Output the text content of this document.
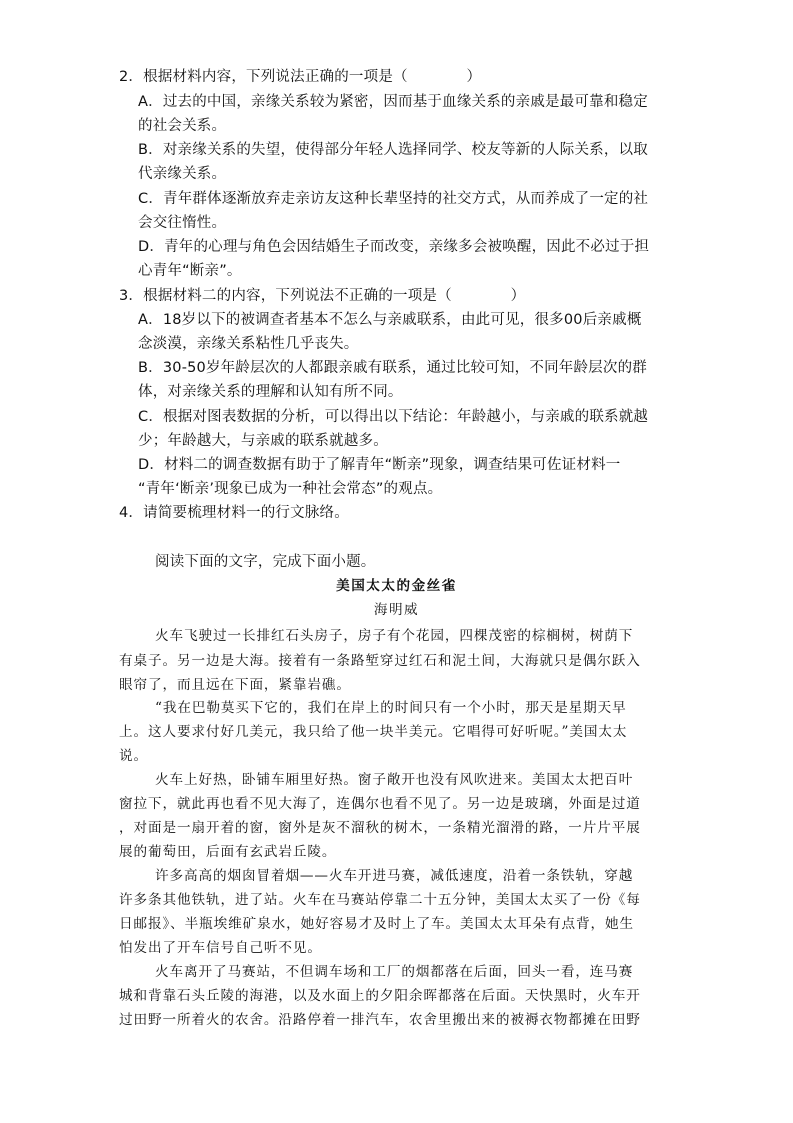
2．根据材料内容，下列说法正确的一项是（　　　　）
A．过去的中国，亲缘关系较为紧密，因而基于血缘关系的亲戚是最可靠和稳定
的社会关系。
B．对亲缘关系的失望，使得部分年轻人选择同学、校友等新的人际关系，以取
代亲缘关系。
C．青年群体逐渐放弃走亲访友这种长辈坚持的社交方式，从而养成了一定的社
会交往惰性。
D．青年的心理与角色会因结婚生子而改变，亲缘多会被唤醒，因此不必过于担
心青年“断亲”。
3．根据材料二的内容，下列说法不正确的一项是（　　　　）
A．18岁以下的被调查者基本不怎么与亲戚联系，由此可见，很多00后亲戚概
念淡漠，亲缘关系粘性几乎丧失。
B．30-50岁年龄层次的人都跟亲戚有联系，通过比较可知，不同年龄层次的群
体，对亲缘关系的理解和认知有所不同。
C．根据对图表数据的分析，可以得出以下结论：年龄越小，与亲戚的联系就越
少；年龄越大，与亲戚的联系就越多。
D．材料二的调查数据有助于了解青年“断亲”现象，调查结果可佐证材料一
“青年‘断亲’现象已成为一种社会常态”的观点。
4．请简要梳理材料一的行文脉络。
阅读下面的文字，完成下面小题。
美国太太的金丝雀
海明威
火车飞驶过一长排红石头房子，房子有个花园，四棵茂密的棕榈树，树荫下
有桌子。另一边是大海。接着有一条路堑穿过红石和泥土间，大海就只是偶尔跃入
眼帘了，而且远在下面，紧靠岩礁。
“我在巴勒莫买下它的，我们在岸上的时间只有一个小时，那天是星期天早
上。这人要求付好几美元，我只给了他一块半美元。它唱得可好听呢。”美国太太
说。
火车上好热，卧铺车厢里好热。窗子敞开也没有风吹进来。美国太太把百叶
窗拉下，就此再也看不见大海了，连偶尔也看不见了。另一边是玻璃，外面是过道
，对面是一扇开着的窗，窗外是灰不溜秋的树木，一条精光溜滑的路，一片片平展
展的葡萄田，后面有玄武岩丘陵。
许多高高的烟囱冒着烟——火车开进马赛，减低速度，沿着一条铁轨，穿越
许多条其他铁轨，进了站。火车在马赛站停靠二十五分钟，美国太太买了一份《每
日邮报》、半瓶埃维矿泉水，她好容易才及时上了车。美国太太耳朵有点背，她生
怕发出了开车信号自己听不见。
火车离开了马赛站，不但调车场和工厂的烟都落在后面，回头一看，连马赛
城和背靠石头丘陵的海港，以及水面上的夕阳余晖都落在后面。天快黑时，火车开
过田野一所着火的农舍。沿路停着一排汽车，农舍里搬出来的被褥衣物都摊在田野
